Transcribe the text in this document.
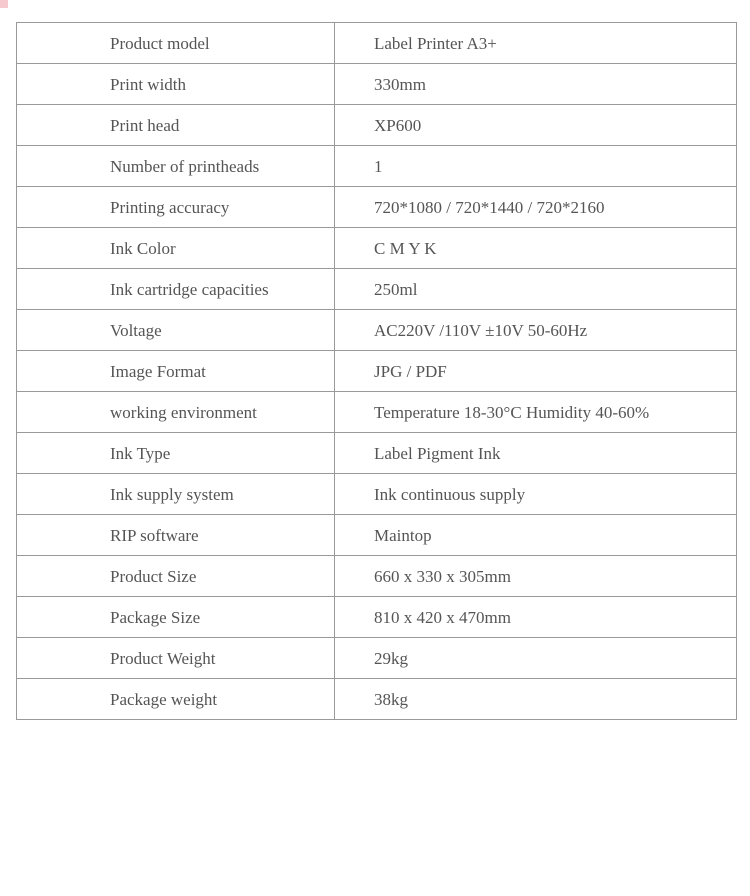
Product model	Label Printer A3+
Print width	330mm
Print head	XP600
Number of printheads	1
Printing accuracy	720*1080 / 720*1440 / 720*2160
Ink Color	C M Y K
Ink cartridge capacities	250ml
Voltage	AC220V /110V ±10V 50-60Hz
Image Format	JPG / PDF
working environment	Temperature 18-30°C Humidity 40-60%
Ink Type	Label Pigment Ink
Ink supply system	Ink continuous supply
RIP software	Maintop
Product Size	660 x 330 x 305mm
Package Size	810 x 420 x 470mm
Product Weight	29kg
Package weight	38kg
